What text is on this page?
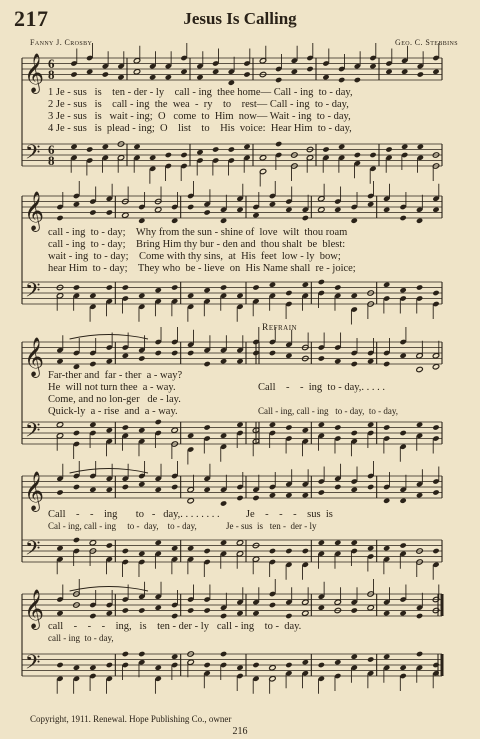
217	Jesus Is Calling
Fanny J. Crosby	Geo. C. Stebbins
𝄞
𝄢
6
8
6
8
1 Je - sus   is    ten - der - ly    call - ing  thee home— Call - ing  to - day,
2 Je - sus   is    call - ing  the  wea  -  ry    to    rest— Call - ing  to - day,
3 Je - sus   is   wait - ing;  O   come  to  Him  now— Wait - ing  to - day,
4 Je - sus   is  plead - ing;  O    list    to    His  voice:  Hear Him  to - day,
𝄞
𝄢
call - ing  to - day;    Why from the sun - shine of  love  wilt  thou roam
call - ing  to - day;    Bring Him thy bur - den and  thou shalt  be  blest:
wait - ing  to - day;    Come with thy sins,  at  His  feet  low - ly  bow;
hear Him  to - day;    They who  be - lieve  on  His Name shall  re - joice;
Refrain
𝄞
𝄢
Far-ther and  far - ther  a - way?
He  will not turn thee  a - way.
Come, and no lon-ger   de - lay.
Quick-ly  a - rise  and  a - way.
Call    -    -  ing  to - day,. . . . .
Call - ing, call - ing   to - day,  to - day,
𝄞
𝄢
Call    -    -    ing       to   -   day,. . . . . . . .          Je    -    -    -    sus  is
Cal - ing, call - ing     to -  day,    to - day,             Je - sus  is   ten -  der - ly
𝄞
𝄢
call    -    -    -    ing,   is    ten - der - ly   call - ing    to -  day.
call - ing  to - day,
Copyright, 1911. Renewal. Hope Publishing Co., owner
216
